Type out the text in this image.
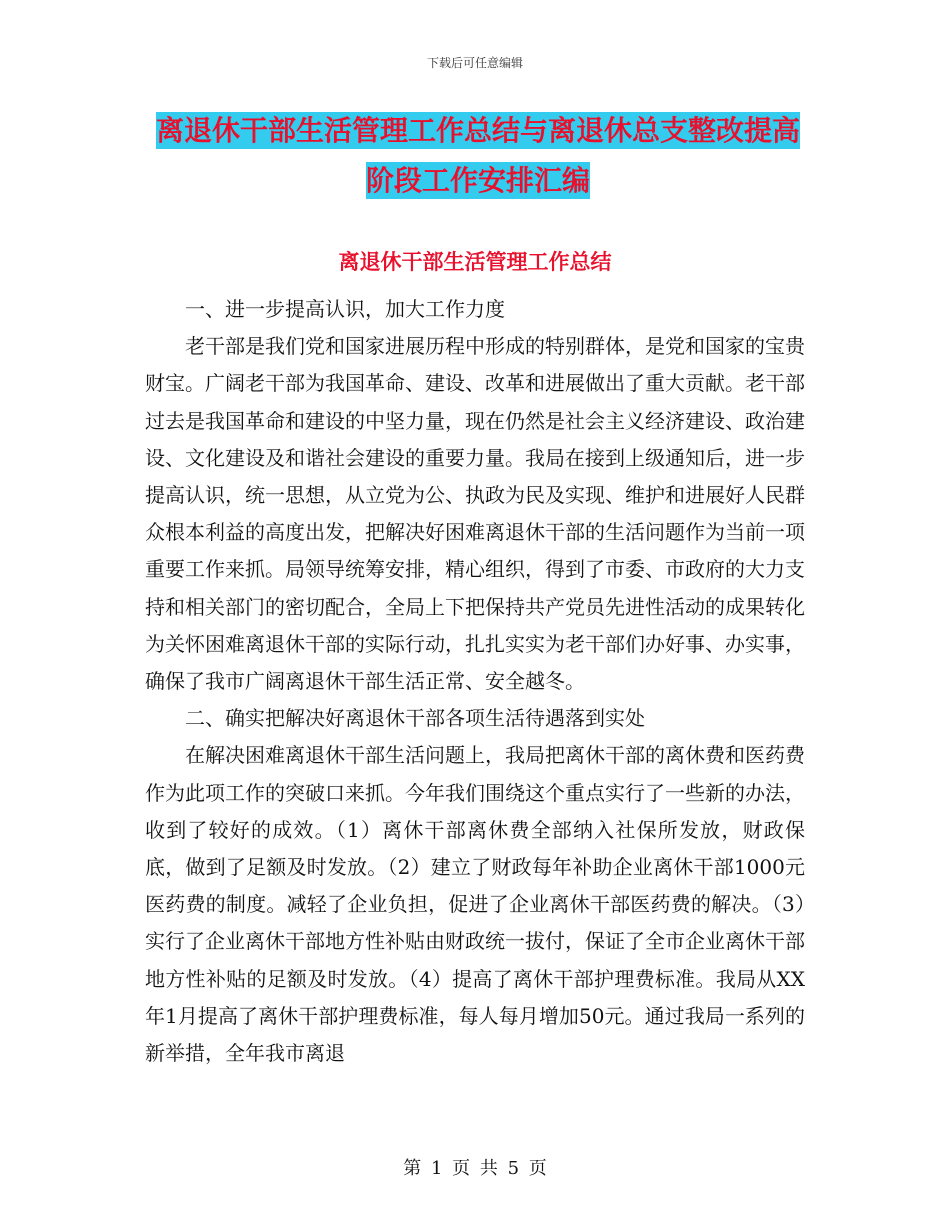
下载后可任意编辑
离退休干部生活管理工作总结与离退休总支整改提高
阶段工作安排汇编
离退休干部生活管理工作总结

一、进一步提高认识，加大工作力度

老干部是我们党和国家进展历程中形成的特别群体，是党和国家的宝贵财宝。广阔老干部为我国革命、建设、改革和进展做出了重大贡献。老干部过去是我国革命和建设的中坚力量，现在仍然是社会主义经济建设、政治建设、文化建设及和谐社会建设的重要力量。我局在接到上级通知后，进一步提高认识，统一思想，从立党为公、执政为民及实现、维护和进展好人民群众根本利益的高度出发，把解决好困难离退休干部的生活问题作为当前一项重要工作来抓。局领导统筹安排，精心组织，得到了市委、市政府的大力支持和相关部门的密切配合，全局上下把保持共产党员先进性活动的成果转化为关怀困难离退休干部的实际行动，扎扎实实为老干部们办好事、办实事，确保了我市广阔离退休干部生活正常、安全越冬。

二、确实把解决好离退休干部各项生活待遇落到实处

在解决困难离退休干部生活问题上，我局把离休干部的离休费和医药费作为此项工作的突破口来抓。今年我们围绕这个重点实行了一些新的办法，收到了较好的成效。（1）离休干部离休费全部纳入社保所发放，财政保底，做到了足额及时发放。（2）建立了财政每年补助企业离休干部1000元医药费的制度。减轻了企业负担，促进了企业离休干部医药费的解决。（3）实行了企业离休干部地方性补贴由财政统一拔付，保证了全市企业离休干部地方性补贴的足额及时发放。（4）提高了离休干部护理费标准。我局从XX年1月提高了离休干部护理费标准，每人每月增加50元。通过我局一系列的新举措，全年我市离退

第 1 页 共 5 页
